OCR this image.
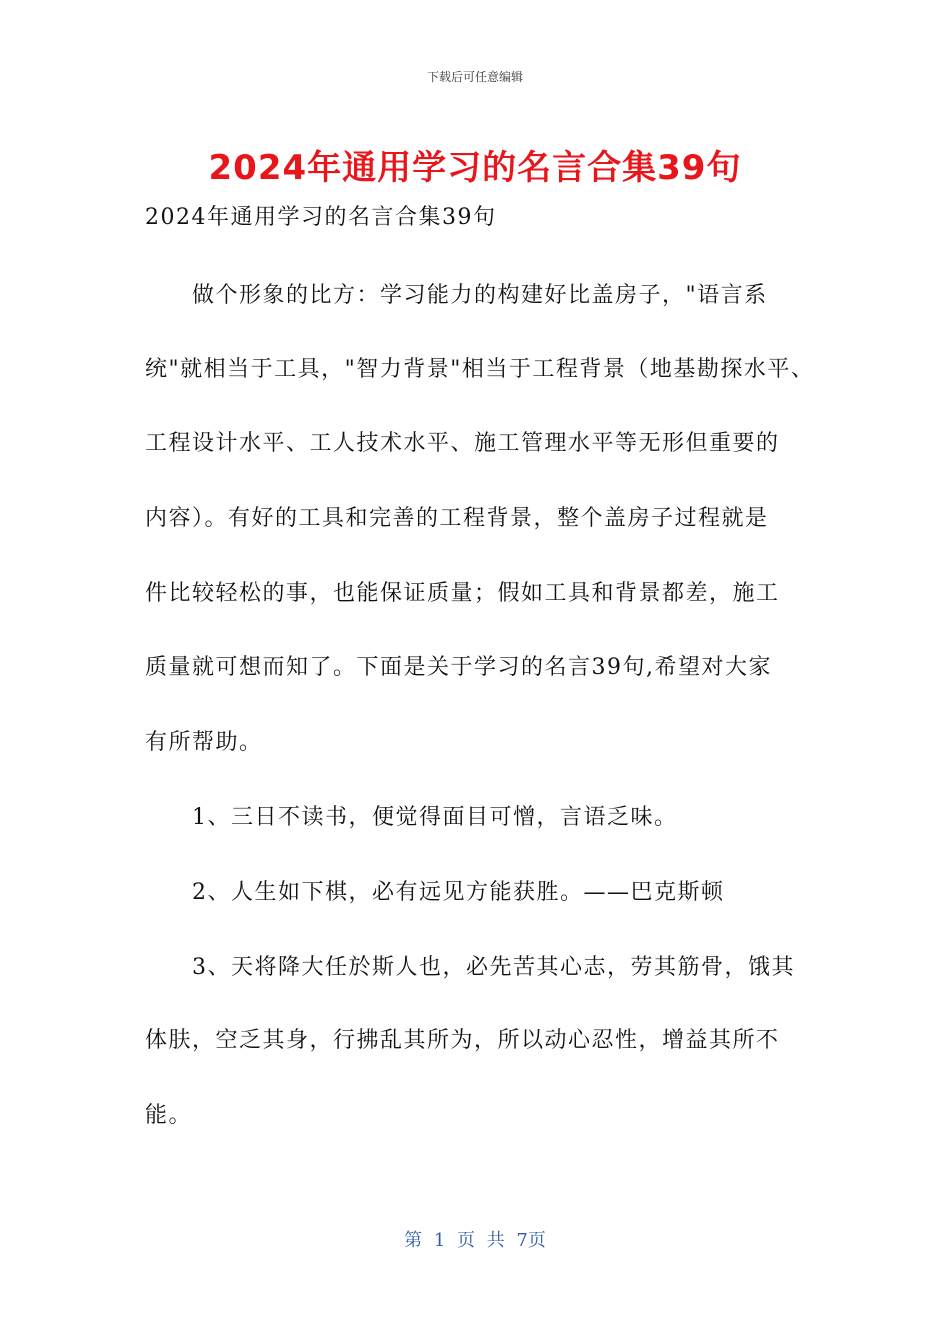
下载后可任意编辑
2024年通用学习的名言合集39句
2024年通用学习的名言合集39句
做个形象的比方：学习能力的构建好比盖房子，"语言系
统"就相当于工具，"智力背景"相当于工程背景（地基勘探水平、
工程设计水平、工人技术水平、施工管理水平等无形但重要的
内容）。有好的工具和完善的工程背景，整个盖房子过程就是
件比较轻松的事，也能保证质量；假如工具和背景都差，施工
质量就可想而知了。下面是关于学习的名言39句,希望对大家
有所帮助。
1、三日不读书，便觉得面目可憎，言语乏味。
2、人生如下棋，必有远见方能获胜。——巴克斯顿
3、天将降大任於斯人也，必先苦其心志，劳其筋骨，饿其
体肤，空乏其身，行拂乱其所为，所以动心忍性，增益其所不
能。
第 1 页 共 7页
